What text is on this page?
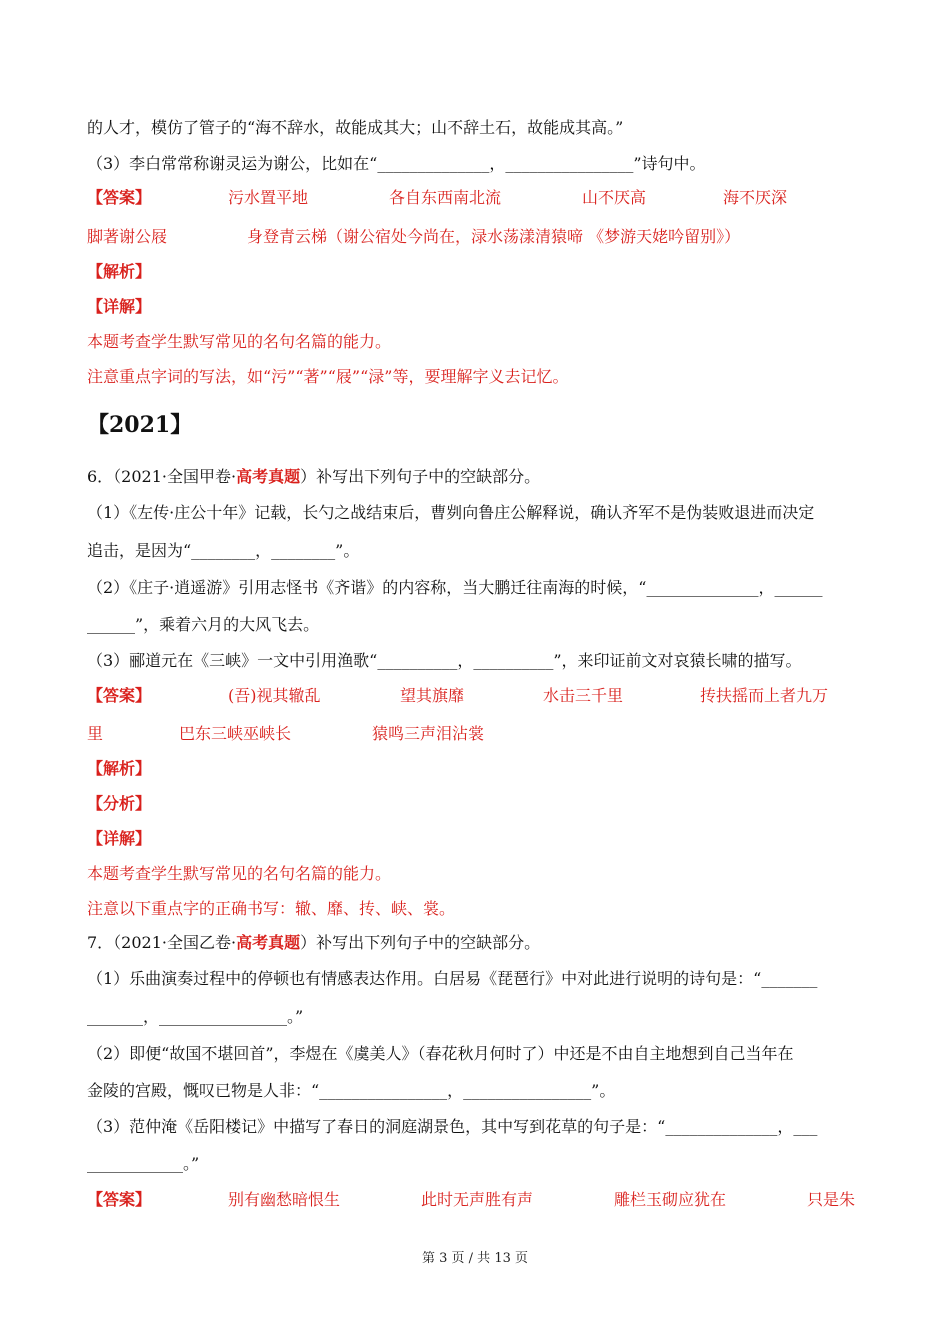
的人才，模仿了管子的“海不辞水，故能成其大；山不辞土石，故能成其高。”
（3）李白常常称谢灵运为谢公，比如在“______________，________________”诗句中。
【答案】	污水置平地	各自东西南北流	山不厌高	海不厌深
脚著谢公屐	身登青云梯（谢公宿处今尚在，渌水荡漾清猿啼 《梦游天姥吟留别》）
【解析】
【详解】
本题考查学生默写常见的名句名篇的能力。
注意重点字词的写法，如“污”“著”“屐”“渌”等，要理解字义去记忆。
【2021】
6．（2021·全国甲卷·高考真题）补写出下列句子中的空缺部分。
（1）《左传·庄公十年》记载，长勺之战结束后，曹刿向鲁庄公解释说，确认齐军不是伪装败退进而决定
追击，是因为“________，________”。
（2）《庄子·逍遥游》引用志怪书《齐谐》的内容称，当大鹏迁往南海的时候，“______________，______
______”，乘着六月的大风飞去。
（3）郦道元在《三峡》一文中引用渔歌“__________，__________”，来印证前文对哀猿长啸的描写。
【答案】	(吾)视其辙乱	望其旗靡	水击三千里	抟扶摇而上者九万
里	巴东三峡巫峡长	猿鸣三声泪沾裳
【解析】
【分析】
【详解】
本题考查学生默写常见的名句名篇的能力。
注意以下重点字的正确书写：辙、靡、抟、峡、裳。
7．（2021·全国乙卷·高考真题）补写出下列句子中的空缺部分。
（1）乐曲演奏过程中的停顿也有情感表达作用。白居易《琵琶行》中对此进行说明的诗句是：“_______
_______，________________。”
（2）即便“故国不堪回首”，李煜在《虞美人》（春花秋月何时了）中还是不由自主地想到自己当年在
金陵的宫殿，慨叹已物是人非：“________________，________________”。
（3）范仲淹《岳阳楼记》中描写了春日的洞庭湖景色，其中写到花草的句子是：“______________，___
____________。”
【答案】	别有幽愁暗恨生	此时无声胜有声	雕栏玉砌应犹在	只是朱
第 3 页 / 共 13 页
